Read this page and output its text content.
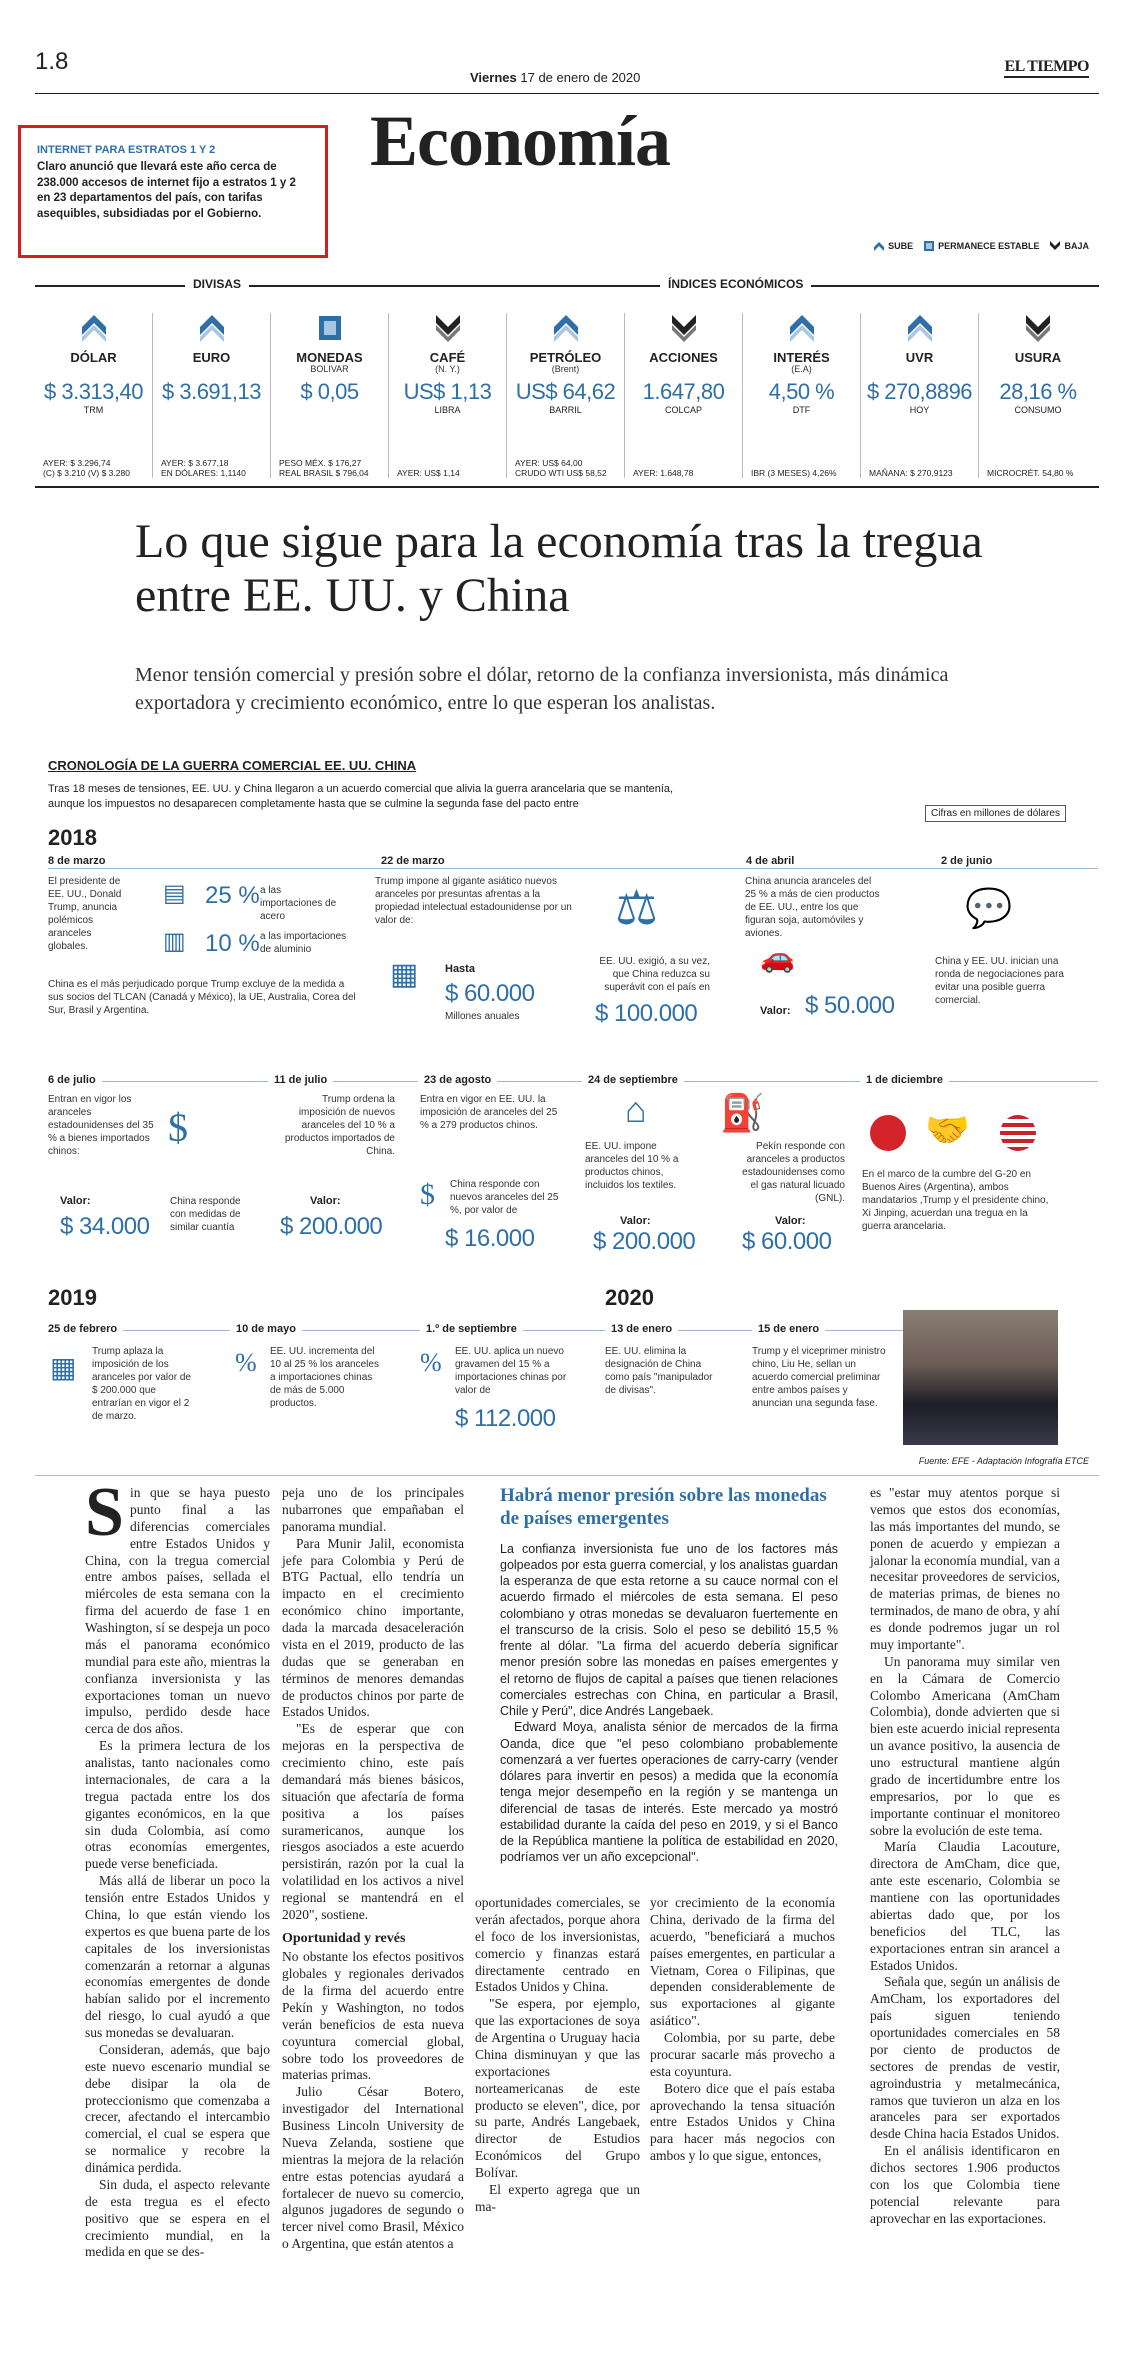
1.8
Viernes 17 de enero de 2020
EL TIEMPO
INTERNET PARA ESTRATOS 1 Y 2
Claro anunció que llevará este año cerca de 238.000 accesos de internet fijo a estratos 1 y 2 en 23 departamentos del país, con tarifas asequibles, subsidiadas por el Gobierno.
Economía
SUBE	PERMANECE ESTABLE	BAJA
DIVISAS	ÍNDICES ECONÓMICOS
DÓLAR
$ 3.313,40
TRM
AYER: $ 3.296,74
(C) $ 3.210 (V) $ 3.280
EURO
$ 3.691,13
AYER: $ 3.677,18
EN DÓLARES: 1,1140
MONEDAS
BOLIVAR
$ 0,05
PESO MÉX. $ 176,27
REAL BRASIL $ 796,04
CAFÉ
(N. Y.)
US$ 1,13
LIBRA
AYER: US$ 1,14
PETRÓLEO
(Brent)
US$ 64,62
BARRIL
AYER: US$ 64,00
CRUDO WTI US$ 58,52
ACCIONES
1.647,80
COLCAP
AYER: 1.648,78
INTERÉS
(E.A)
4,50 %
DTF
IBR (3 MESES) 4,26%
UVR
$ 270,8896
HOY
MAÑANA: $ 270,9123
USURA
28,16 %
CONSUMO
MICROCRÉT. 54,80 %
Lo que sigue para la economía tras la tregua entre EE. UU. y China
Menor tensión comercial y presión sobre el dólar, retorno de la confianza inversionista, más dinámica exportadora y crecimiento económico, entre lo que esperan los analistas.
CRONOLOGÍA DE LA GUERRA COMERCIAL EE. UU. CHINA
Tras 18 meses de tensiones, EE. UU. y China llegaron a un acuerdo comercial que alivia la guerra arancelaria que se mantenía, aunque los impuestos no desaparecen completamente hasta que se culmine la segunda fase del pacto entre
Cifras en millones de dólares
2018
8 de marzo
El presidente de EE. UU., Donald Trump, anuncia polémicos aranceles globales.
▤ 25 % a las importaciones de acero
▥ 10 % a las importaciones de aluminio
China es el más perjudicado porque Trump excluye de la medida a sus socios del TLCAN (Canadá y México), la UE, Australia, Corea del Sur, Brasil y Argentina.
22 de marzo
Trump impone al gigante asiático nuevos aranceles por presuntas afrentas a la propiedad intelectual estadounidense por un valor de:
▦ Hasta
$ 60.000
Millones anuales
⚖
EE. UU. exigió, a su vez, que China reduzca su superávit con el país en
$ 100.000
4 de abril
China anuncia aranceles del 25 % a más de cien productos de EE. UU., entre los que figuran soja, automóviles y aviones.
🚗
Valor: $ 50.000
2 de junio
💬
China y EE. UU. inician una ronda de negociaciones para evitar una posible guerra comercial.
6 de julio
Entran en vigor los aranceles estadounidenses del 35 % a bienes importados chinos:
$
Valor:
$ 34.000
China responde con medidas de similar cuantía
11 de julio
Trump ordena la imposición de nuevos aranceles del 10 % a productos importados de China.
Valor:
$ 200.000
23 de agosto
Entra en vigor en EE. UU. la imposición de aranceles del 25 % a 279 productos chinos.
$ China responde con nuevos aranceles del 25 %, por valor de
$ 16.000
24 de septiembre
⌂
EE. UU. impone aranceles del 10 % a productos chinos, incluidos los textiles.
Valor:
$ 200.000
⛽
Pekín responde con aranceles a productos estadounidenses como el gas natural licuado (GNL).
Valor:
$ 60.000
1 de diciembre
🤝
En el marco de la cumbre del G-20 en Buenos Aires (Argentina), ambos mandatarios ,Trump y el presidente chino, Xi Jinping, acuerdan una tregua en la guerra arancelaria.
2019	2020
25 de febrero
▦
Trump aplaza la imposición de los aranceles por valor de $ 200.000 que entrarían en vigor el 2 de marzo.
10 de mayo
% EE. UU. incrementa del 10 al 25 % los aranceles a importaciones chinas de más de 5.000 productos.
1.º de septiembre
% EE. UU. aplica un nuevo gravamen del 15 % a importaciones chinas por valor de
$ 112.000
13 de enero
EE. UU. elimina la designación de China como país "manipulador de divisas".
15 de enero
Trump y el viceprimer ministro chino, Liu He, sellan un acuerdo comercial preliminar entre ambos países y anuncian una segunda fase.
Fuente: EFE - Adaptación Infografía ETCE

Sin que se haya puesto punto final a las diferencias comerciales entre Estados Unidos y China, con la tregua comercial entre ambos países, sellada el miércoles de esta semana con la firma del acuerdo de fase 1 en Washington, sí se despeja un poco más el panorama económico mundial para este año, mientras la confianza inversionista y las exportaciones toman un nuevo impulso, perdido desde hace cerca de dos años.

Es la primera lectura de los analistas, tanto nacionales como internacionales, de cara a la tregua pactada entre los dos gigantes económicos, en la que sin duda Colombia, así como otras economías emergentes, puede verse beneficiada.

Más allá de liberar un poco la tensión entre Estados Unidos y China, lo que están viendo los expertos es que buena parte de los capitales de los inversionistas comenzarán a retornar a algunas economías emergentes de donde habían salido por el incremento del riesgo, lo cual ayudó a que sus monedas se devaluaran.

Consideran, además, que bajo este nuevo escenario mundial se debe disipar la ola de proteccionismo que comenzaba a crecer, afectando el intercambio comercial, el cual se espera que se normalice y recobre la dinámica perdida.

Sin duda, el aspecto relevante de esta tregua es el efecto positivo que se espera en el crecimiento mundial, en la medida en que se des-

peja uno de los principales nubarrones que empañaban el panorama mundial.

Para Munir Jalil, economista jefe para Colombia y Perú de BTG Pactual, ello tendría un impacto en el crecimiento económico chino importante, dada la marcada desaceleración vista en el 2019, producto de las dudas que se generaban en términos de menores demandas de productos chinos por parte de Estados Unidos.

"Es de esperar que con mejoras en la perspectiva de crecimiento chino, este país demandará más bienes básicos, situación que afectaría de forma positiva a los países suramericanos, aunque los riesgos asociados a este acuerdo persistirán, razón por la cual la volatilidad en los activos a nivel regional se mantendrá en el 2020", sostiene.

Oportunidad y revés

No obstante los efectos positivos globales y regionales derivados de la firma del acuerdo entre Pekín y Washington, no todos verán beneficios de esta nueva coyuntura comercial global, sobre todo los proveedores de materias primas.

Julio César Botero, investigador del International Business Lincoln University de Nueva Zelanda, sostiene que mientras la mejora de la relación entre estas potencias ayudará a fortalecer de nuevo su comercio, algunos jugadores de segundo o tercer nivel como Brasil, México o Argentina, que están atentos a

Habrá menor presión sobre las monedas de países emergentes

La confianza inversionista fue uno de los factores más golpeados por esta guerra comercial, y los analistas guardan la esperanza de que esta retorne a su cauce normal con el acuerdo firmado el miércoles de esta semana. El peso colombiano y otras monedas se devaluaron fuertemente en el transcurso de la crisis. Solo el peso se debilitó 15,5 % frente al dólar. "La firma del acuerdo debería significar menor presión sobre las monedas en países emergentes y el retorno de flujos de capital a países que tienen relaciones comerciales estrechas con China, en particular a Brasil, Chile y Perú", dice Andrés Langebaek.

Edward Moya, analista sénior de mercados de la firma Oanda, dice que "el peso colombiano probablemente comenzará a ver fuertes operaciones de carry-carry (vender dólares para invertir en pesos) a medida que la economía tenga mejor desempeño en la región y se mantenga un diferencial de tasas de interés. Este mercado ya mostró estabilidad durante la caída del peso en 2019, y si el Banco de la República mantiene la política de estabilidad en 2020, podríamos ver un año excepcional".

oportunidades comerciales, se verán afectados, porque ahora el foco de los inversionistas, comercio y finanzas estará directamente centrado en Estados Unidos y China.

"Se espera, por ejemplo, que las exportaciones de soya de Argentina o Uruguay hacia China disminuyan y que las exportaciones norteamericanas de este producto se eleven", dice, por su parte, Andrés Langebaek, director de Estudios Económicos del Grupo Bolívar.

El experto agrega que un ma-

yor crecimiento de la economía China, derivado de la firma del acuerdo, "beneficiará a muchos países emergentes, en particular a Vietnam, Corea o Filipinas, que dependen considerablemente de sus exportaciones al gigante asiático".

Colombia, por su parte, debe procurar sacarle más provecho a esta coyuntura.

Botero dice que el país estaba aprovechando la tensa situación entre Estados Unidos y China para hacer más negocios con ambos y lo que sigue, entonces,

es "estar muy atentos porque si vemos que estos dos economías, las más importantes del mundo, se ponen de acuerdo y empiezan a jalonar la economía mundial, van a necesitar proveedores de servicios, de materias primas, de bienes no terminados, de mano de obra, y ahí es donde podremos jugar un rol muy importante".

Un panorama muy similar ven en la Cámara de Comercio Colombo Americana (AmCham Colombia), donde advierten que si bien este acuerdo inicial representa un avance positivo, la ausencia de uno estructural mantiene algún grado de incertidumbre entre los empresarios, por lo que es importante continuar el monitoreo sobre la evolución de este tema.

María Claudia Lacouture, directora de AmCham, dice que, ante este escenario, Colombia se mantiene con las oportunidades abiertas dado que, por los beneficios del TLC, las exportaciones entran sin arancel a Estados Unidos.

Señala que, según un análisis de AmCham, los exportadores del país siguen teniendo oportunidades comerciales en 58 por ciento de productos de sectores de prendas de vestir, agroindustria y metalmecánica, ramos que tuvieron un alza en los aranceles para ser exportados desde China hacia Estados Unidos.

En el análisis identificaron en dichos sectores 1.906 productos con los que Colombia tiene potencial relevante para aprovechar en las exportaciones.
